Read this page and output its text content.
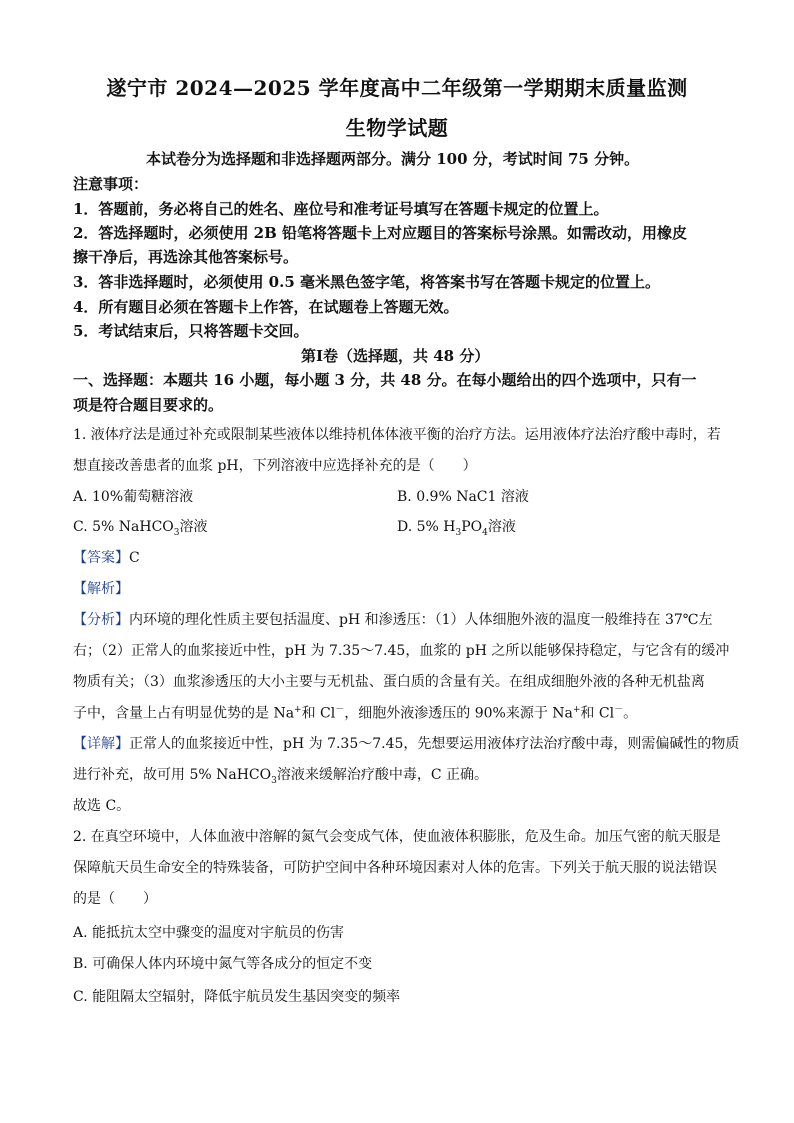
遂宁市 2024—2025 学年度高中二年级第一学期期末质量监测
生物学试题
本试卷分为选择题和非选择题两部分。满分 100 分，考试时间 75 分钟。
注意事项：
1．答题前，务必将自己的姓名、座位号和准考证号填写在答题卡规定的位置上。
2．答选择题时，必须使用 2B 铅笔将答题卡上对应题目的答案标号涂黑。如需改动，用橡皮
擦干净后，再选涂其他答案标号。
3．答非选择题时，必须使用 0.5 毫米黑色签字笔，将答案书写在答题卡规定的位置上。
4．所有题目必须在答题卡上作答，在试题卷上答题无效。
5．考试结束后，只将答题卡交回。
第Ⅰ卷（选择题，共 48 分）
一、选择题：本题共 16 小题，每小题 3 分，共 48 分。在每小题给出的四个选项中，只有一
项是符合题目要求的。
1. 液体疗法是通过补充或限制某些液体以维持机体体液平衡的治疗方法。运用液体疗法治疗酸中毒时，若
想直接改善患者的血浆 pH，下列溶液中应选择补充的是（　　）
A. 10%葡萄糖溶液	B. 0.9% NaC1 溶液
C. 5% NaHCO$_3$溶液	D. 5% $H_3PO_4$溶液
【答案】C
【解析】
【分析】内环境的理化性质主要包括温度、pH 和渗透压：（1）人体细胞外液的温度一般维持在 37℃左
右；（2）正常人的血浆接近中性，pH 为 7.35～7.45，血浆的 pH 之所以能够保持稳定，与它含有的缓冲
物质有关；（3）血浆渗透压的大小主要与无机盐、蛋白质的含量有关。在组成细胞外液的各种无机盐离
子中，含量上占有明显优势的是 Na+和 Cl－，细胞外液渗透压的 90%来源于 Na+和 Cl－。
【详解】正常人的血浆接近中性，pH 为 7.35～7.45，先想要运用液体疗法治疗酸中毒，则需偏碱性的物质
进行补充，故可用 5% NaHCO$_3$溶液来缓解治疗酸中毒，C 正确。
故选 C。
2. 在真空环境中，人体血液中溶解的氮气会变成气体，使血液体积膨胀，危及生命。加压气密的航天服是
保障航天员生命安全的特殊装备，可防护空间中各种环境因素对人体的危害。下列关于航天服的说法错误
的是（　　）
A. 能抵抗太空中骤变的温度对宇航员的伤害
B. 可确保人体内环境中氮气等各成分的恒定不变
C. 能阻隔太空辐射，降低宇航员发生基因突变的频率
